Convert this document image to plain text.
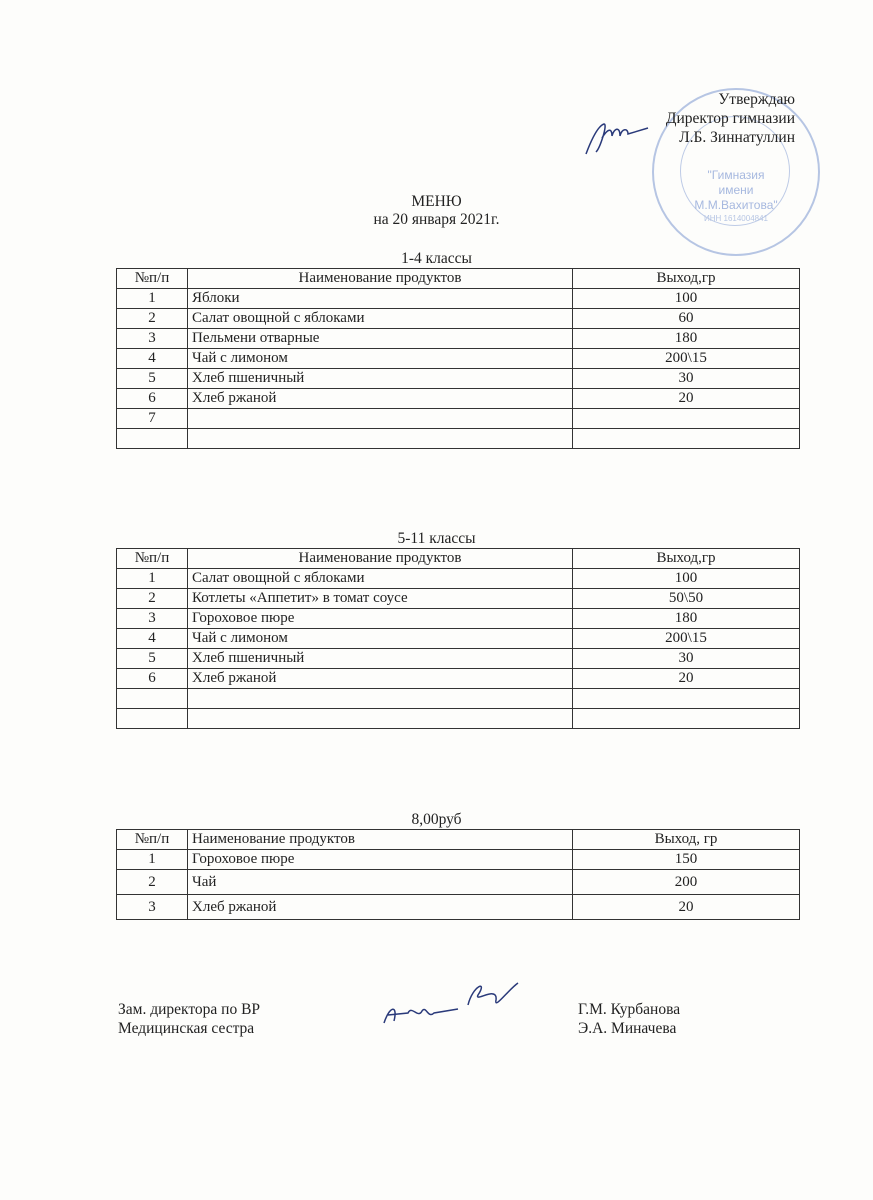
"Гимназия
имени
М.М.Вахитова"
ИНН 1614004841
Утверждаю
Директор гимназии
Л.Б. Зиннатуллин
МЕНЮ
на 20 января 2021г.
1-4 классы
№п/п	Наименование продуктов	Выход,гр
1	Яблоки	100
2	Салат овощной с яблоками	60
3	Пельмени отварные	180
4	Чай с лимоном	200\15
5	Хлеб пшеничный	30
6	Хлеб ржаной	20
7		

5-11 классы
№п/п	Наименование продуктов	Выход,гр
1	Салат овощной с яблоками	100
2	Котлеты «Аппетит» в томат соусе	50\50
3	Гороховое пюре	180
4	Чай с лимоном	200\15
5	Хлеб пшеничный	30
6	Хлеб ржаной	20

8,00руб
№п/п	Наименование продуктов	Выход, гр
1	Гороховое пюре	150
2	Чай	200
3	Хлеб ржаной	20
Зам. директора по ВР
Медицинская сестра
Г.М. Курбанова
Э.А. Миначева
